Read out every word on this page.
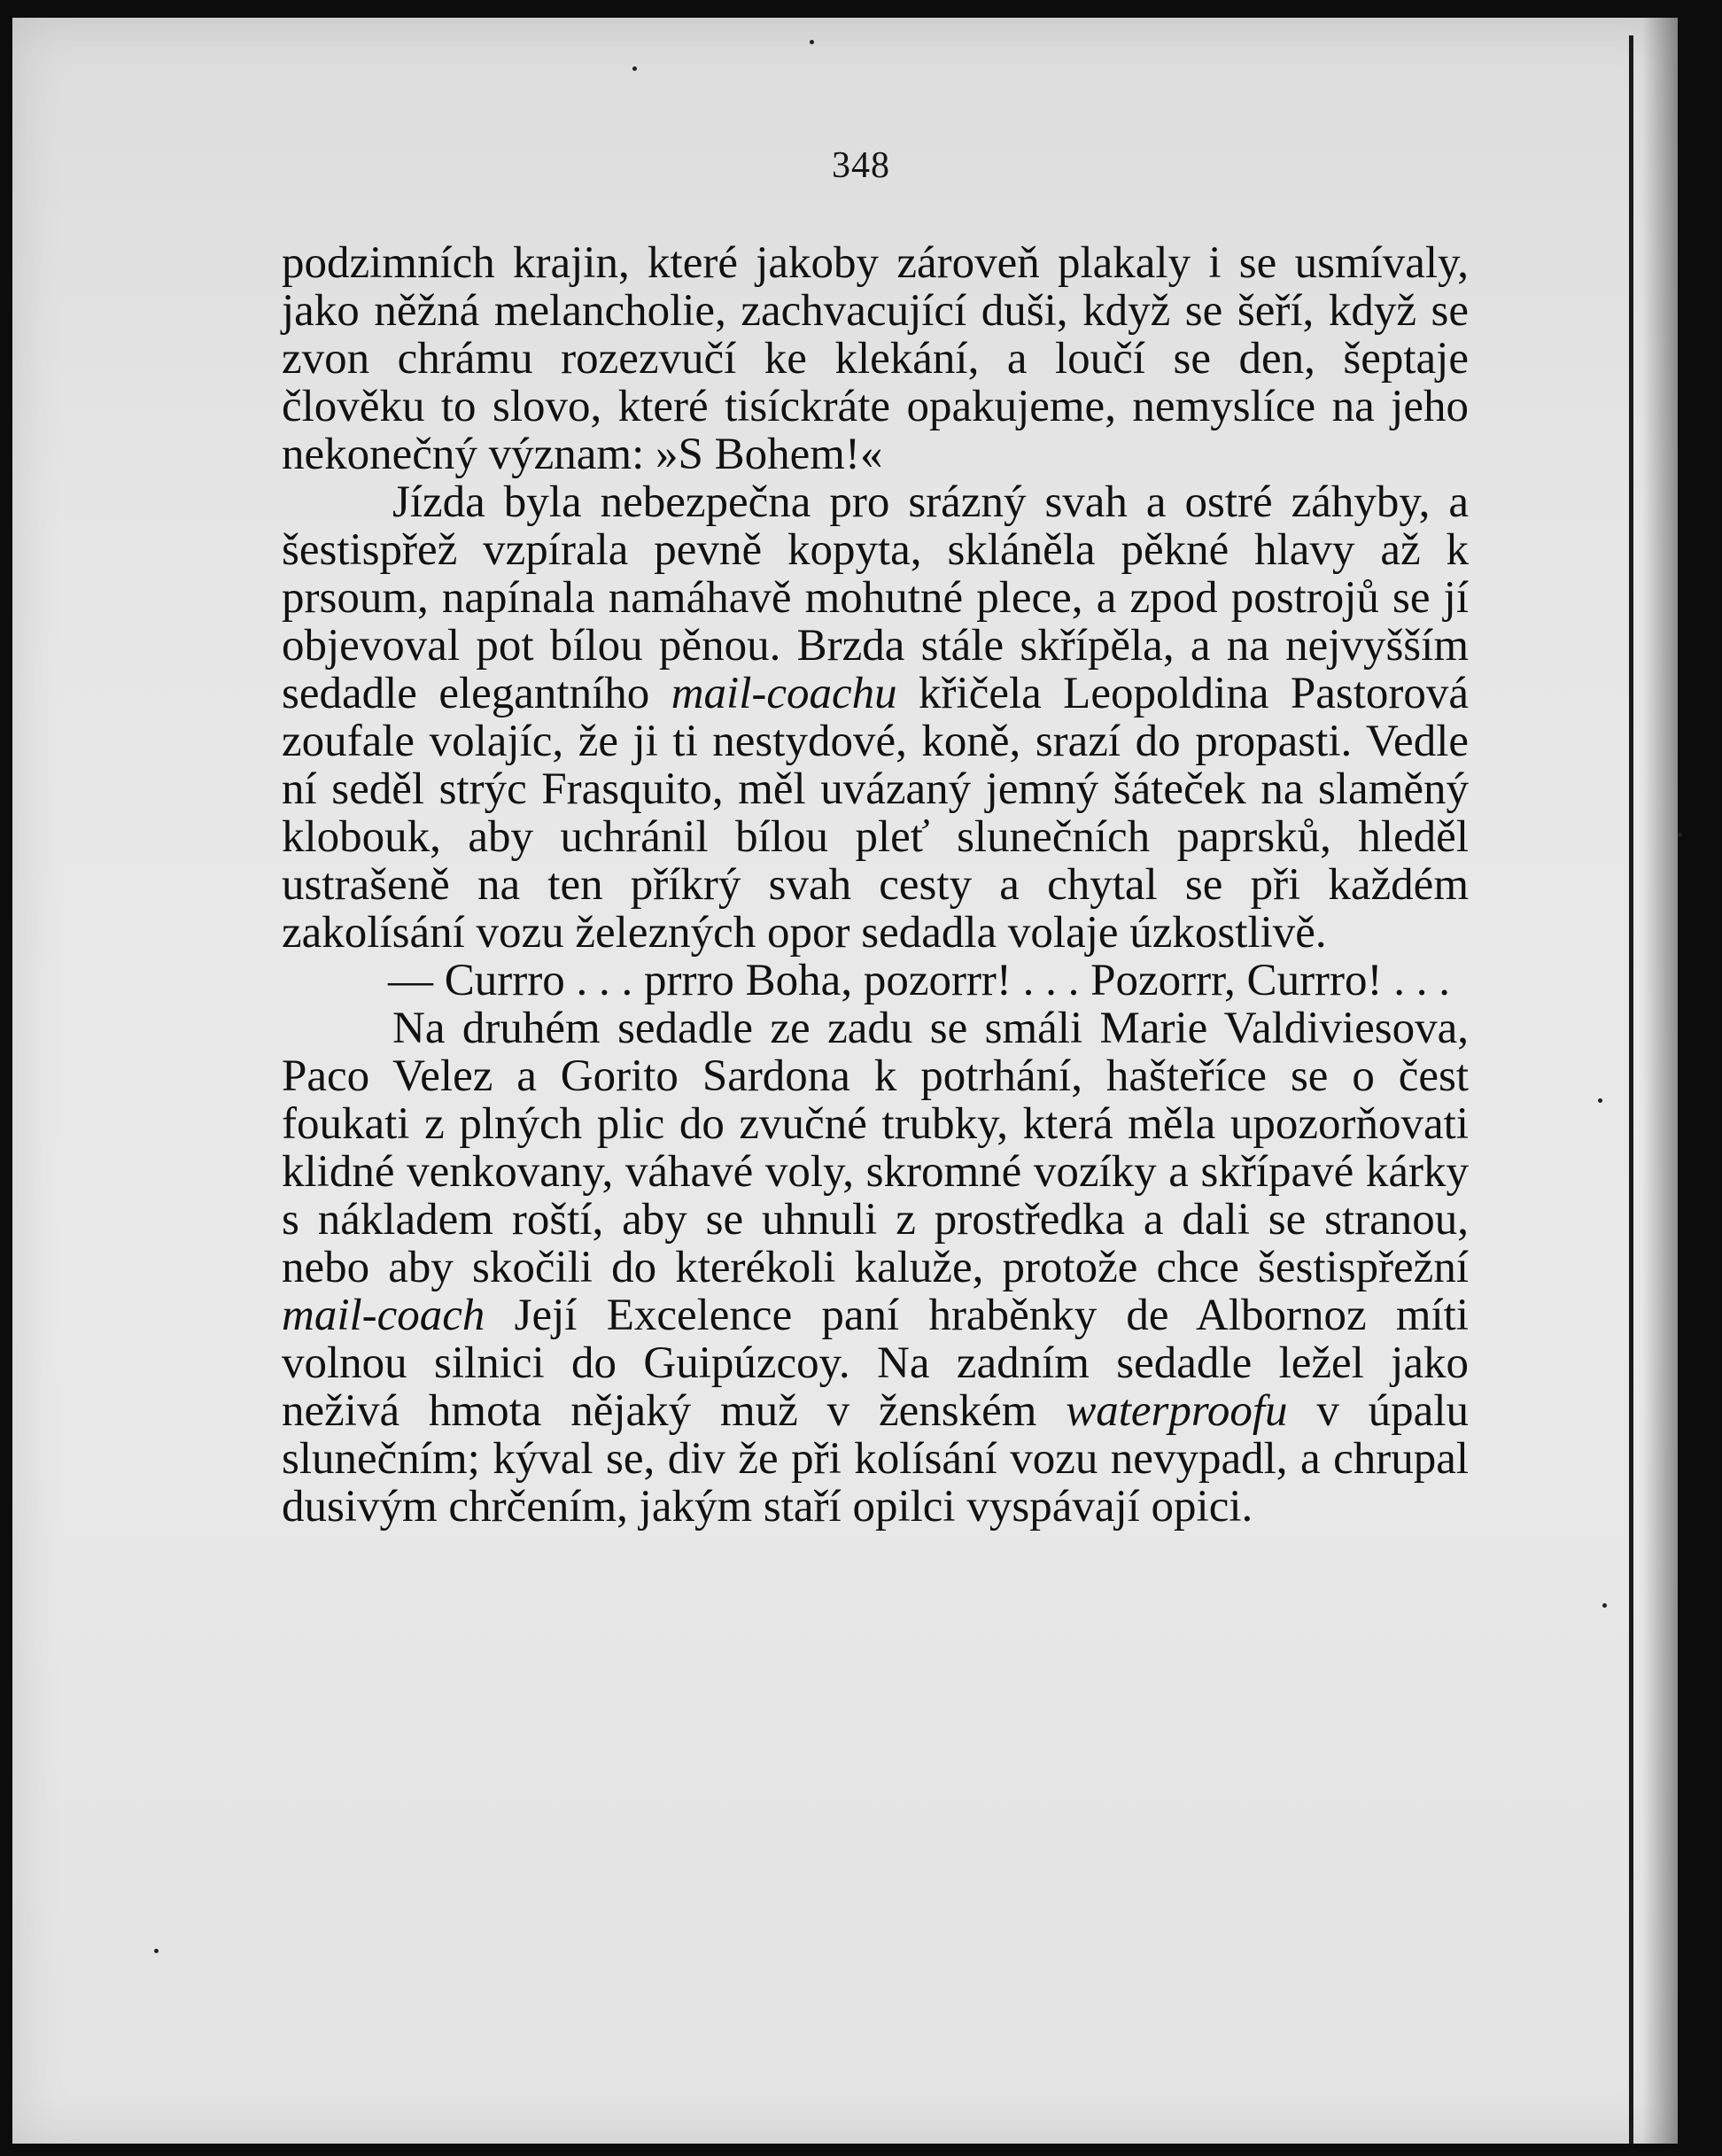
348

podzimních krajin, které jakoby zároveň plakaly i se usmívaly, jako něžná melancholie, zachvacující duši, když se šeří, když se zvon chrámu rozezvučí ke klekání, a loučí se den, šeptaje člověku to slovo, které tisíckráte opakujeme, nemyslíce na jeho nekonečný význam: »S Bohem!«

Jízda byla nebezpečna pro srázný svah a ostré záhyby, a šestispřež vzpírala pevně kopyta, skláněla pěkné hlavy až k prsoum, napínala namáhavě mohutné plece, a zpod postrojů se jí objevoval pot bílou pěnou. Brzda stále skřípěla, a na nejvyšším sedadle elegantního mail-coachu křičela Leopoldina Pastorová zoufale volajíc, že ji ti nestydové, koně, srazí do propasti. Vedle ní seděl strýc Frasquito, měl uvázaný jemný šáteček na slaměný klobouk, aby uchránil bílou pleť slunečních paprsků, hleděl ustrašeně na ten příkrý svah cesty a chytal se při každém zakolísání vozu železných opor sedadla volaje úzkostlivě.

— Currro . . . prrro Boha, pozorrr! . . . Pozorrr, Currro! . . .

Na druhém sedadle ze zadu se smáli Marie Valdiviesova, Paco Velez a Gorito Sardona k potrhání, hašteříce se o čest foukati z plných plic do zvučné trubky, která měla upozorňovati klidné venkovany, váhavé voly, skromné vozíky a skřípavé kárky s nákladem roští, aby se uhnuli z prostředka a dali se stranou, nebo aby skočili do kterékoli kaluže, protože chce šestispřežní mail-coach Její Excelence paní hraběnky de Albornoz míti volnou silnici do Guipúzcoy. Na zadním sedadle ležel jako neživá hmota nějaký muž v ženském waterproofu v úpalu slunečním; kýval se, div že při kolísání vozu nevypadl, a chrupal dusivým chrčením, jakým staří opilci vyspávají opici.
